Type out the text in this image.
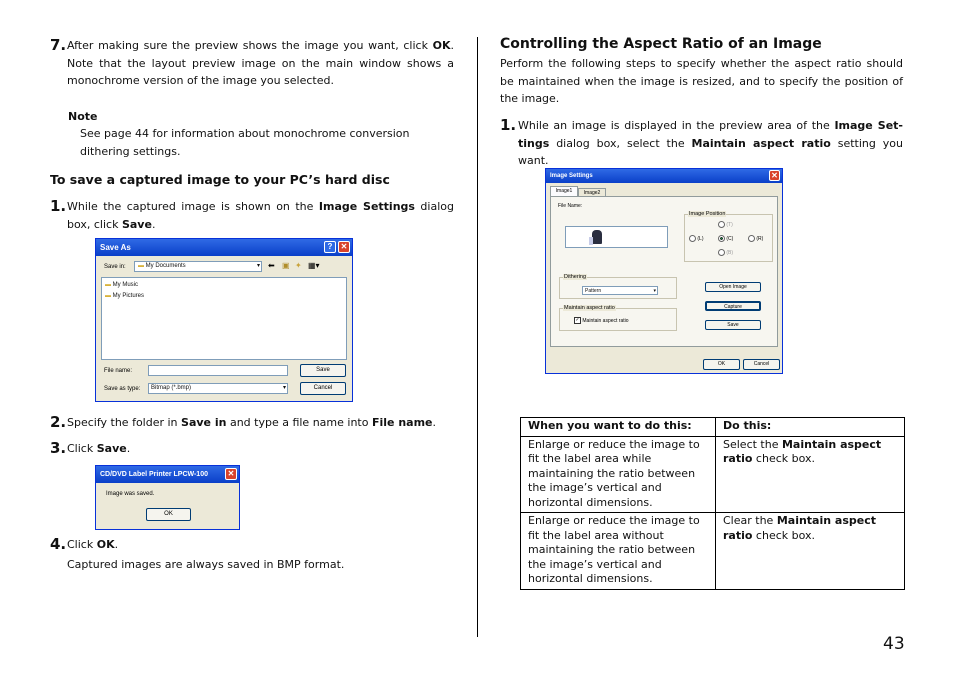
7. After making sure the preview shows the image you want, click OK. Note that the layout preview image on the main window shows a monochrome version of the image you selected.
Note
See page 44 for information about monochrome conversion dithering settings.
To save a captured image to your PC’s hard disc
1. While the captured image is shown on the Image Settings dialog box, click Save.
Save As	?	✕
Save in:	▬ My Documents	▾ ⬅ ▣ ✦ ▦▾
▬ My Music
▬ My Pictures
File name:
Save as type:	Bitmap (*.bmp)	▾
Save
Cancel
2. Specify the folder in Save in and type a file name into File name.
3. Click Save.
CD/DVD Label Printer LPCW-100	✕
Image was saved.
OK
4. Click OK.
Captured images are always saved in BMP format.
Controlling the Aspect Ratio of an Image
Perform the following steps to specify whether the aspect ratio should be maintained when the image is resized, and to specify the position of the image.
1. While an image is displayed in the preview area of the Image Set-tings dialog box, select the Maintain aspect ratio setting you want.
Image Settings	✕
Image1	Image2
File Name:
Image Position
(T)
(L)	(C)	(R)
(B)
Dithering
Pattern	▾
Maintain aspect ratio
✓ Maintain aspect ratio
Open Image
Capture
Save
OK	Cancel
When you want to do this:	Do this:
Enlarge or reduce the image to fit the label area while maintaining the ratio between the image’s vertical and horizontal dimensions.	Select the Maintain aspect ratio check box.
Enlarge or reduce the image to fit the label area without maintaining the ratio between the image’s vertical and horizontal dimensions.	Clear the Maintain aspect ratio check box.
43
